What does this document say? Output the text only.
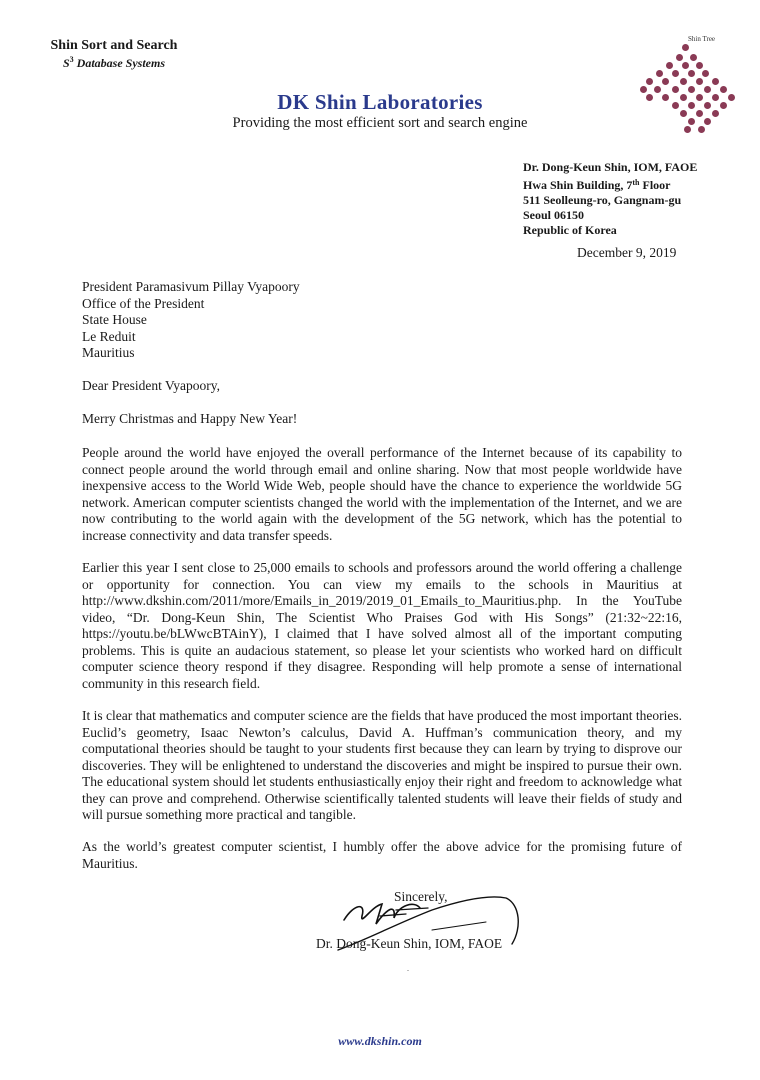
Shin Sort and Search
$S^3$ Database Systems
Shin Tree
DK Shin Laboratories
Providing the most efficient sort and search engine
Dr. Dong-Keun Shin, IOM, FAOE
Hwa Shin Building, 7th Floor
511 Seolleung-ro, Gangnam-gu
Seoul 06150
Republic of Korea
December 9, 2019
President Paramasivum Pillay Vyapoory
Office of the President
State House
Le Reduit
Mauritius
Dear President Vyapoory,
Merry Christmas and Happy New Year!
People around the world have enjoyed the overall performance of the Internet because of its capability to connect people around the world through email and online sharing. Now that most people worldwide have inexpensive access to the World Wide Web, people should have the chance to experience the worldwide 5G network. American computer scientists changed the world with the implementation of the Internet, and we are now contributing to the world again with the development of the 5G network, which has the potential to increase connectivity and data transfer speeds.
Earlier this year I sent close to 25,000 emails to schools and professors around the world offering a challenge or opportunity for connection. You can view my emails to the schools in Mauritius at http://www.dkshin.com/2011/more/Emails_in_2019/2019_01_Emails_to_Mauritius.php. In the YouTube video, “Dr. Dong-Keun Shin, The Scientist Who Praises God with His Songs” (21:32~22:16, https://youtu.be/bLWwcBTAinY), I claimed that I have solved almost all of the important computing problems. This is quite an audacious statement, so please let your scientists who worked hard on difficult computer science theory respond if they disagree. Responding will help promote a sense of international community in this research field.
It is clear that mathematics and computer science are the fields that have produced the most important theories. Euclid’s geometry, Isaac Newton’s calculus, David A. Huffman’s communication theory, and my computational theories should be taught to your students first because they can learn by trying to disprove our discoveries. They will be enlightened to understand the discoveries and might be inspired to pursue their own. The educational system should let students enthusiastically enjoy their right and freedom to acknowledge what they can prove and comprehend. Otherwise scientifically talented students will leave their fields of study and will pursue something more practical and tangible.
As the world’s greatest computer scientist, I humbly offer the above advice for the promising future of Mauritius.
Sincerely,
Dr. Dong-Keun Shin, IOM, FAOE
.
www.dkshin.com
